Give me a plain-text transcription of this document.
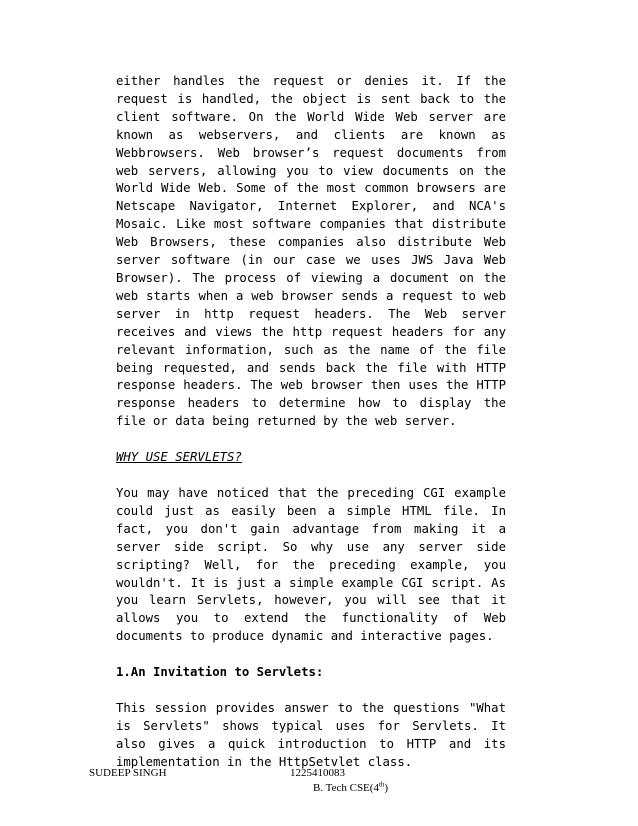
either handles the request or denies it. If the request is handled, the object is sent back to the client software. On the World Wide Web server are known as webservers, and clients are known as Webbrowsers. Web browser’s request documents from web servers, allowing you to view documents on the World Wide Web. Some of the most common browsers are Netscape Navigator, Internet Explorer, and NCA's Mosaic. Like most software companies that distribute Web Browsers, these companies also distribute Web server software (in our case we uses JWS Java Web Browser). The process of viewing a document on the web starts when a web browser sends a request to web server in http request headers. The Web server receives and views the http request headers for any relevant information, such as the name of the file being requested, and sends back the file with HTTP response headers. The web browser then uses the HTTP response headers to determine how to display the file or data being returned by the web server.

WHY USE SERVLETS?

You may have noticed that the preceding CGI example could just as easily been a simple HTML file. In fact, you don't gain advantage from making it a server side script. So why use any server side scripting? Well, for the preceding example, you wouldn't. It is just a simple example CGI script. As you learn Servlets, however, you will see that it allows you to extend the functionality of Web documents to produce dynamic and interactive pages.

1.An Invitation to Servlets:

This session provides answer to the questions "What is Servlets" shows typical uses for Servlets. It also gives a quick introduction to HTTP and its implementation in the HttpSetvlet class.

SUDEEP SINGH	1225410083
B. Tech CSE(4th)
